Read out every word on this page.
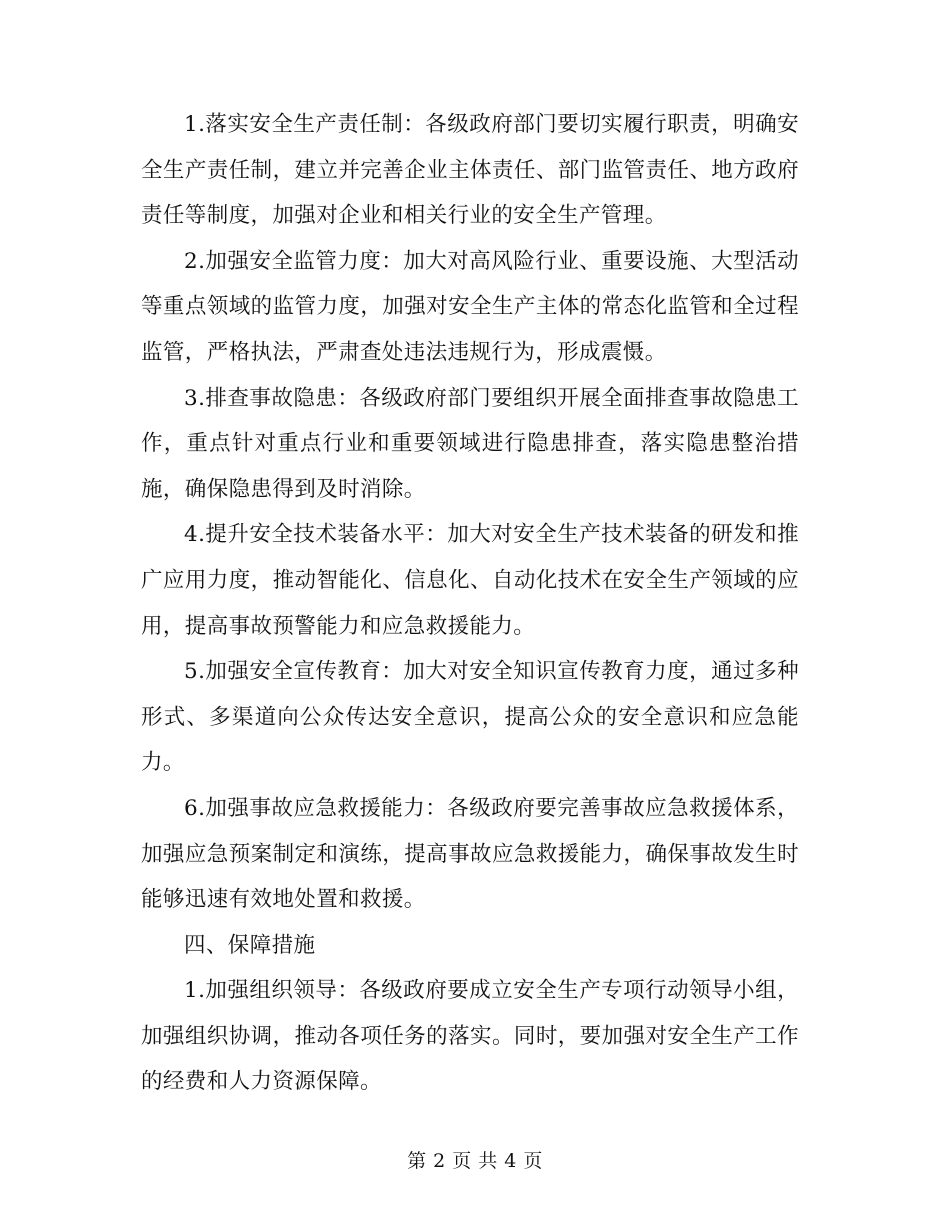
1.落实安全生产责任制：各级政府部门要切实履行职责，明确安全生产责任制，建立并完善企业主体责任、部门监管责任、地方政府责任等制度，加强对企业和相关行业的安全生产管理。

2.加强安全监管力度：加大对高风险行业、重要设施、大型活动等重点领域的监管力度，加强对安全生产主体的常态化监管和全过程监管，严格执法，严肃查处违法违规行为，形成震慑。

3.排查事故隐患：各级政府部门要组织开展全面排查事故隐患工作，重点针对重点行业和重要领域进行隐患排查，落实隐患整治措施，确保隐患得到及时消除。

4.提升安全技术装备水平：加大对安全生产技术装备的研发和推广应用力度，推动智能化、信息化、自动化技术在安全生产领域的应用，提高事故预警能力和应急救援能力。

5.加强安全宣传教育：加大对安全知识宣传教育力度，通过多种形式、多渠道向公众传达安全意识，提高公众的安全意识和应急能力。

6.加强事故应急救援能力：各级政府要完善事故应急救援体系，加强应急预案制定和演练，提高事故应急救援能力，确保事故发生时能够迅速有效地处置和救援。

四、保障措施

1.加强组织领导：各级政府要成立安全生产专项行动领导小组，加强组织协调，推动各项任务的落实。同时，要加强对安全生产工作的经费和人力资源保障。

第 2 页 共 4 页
